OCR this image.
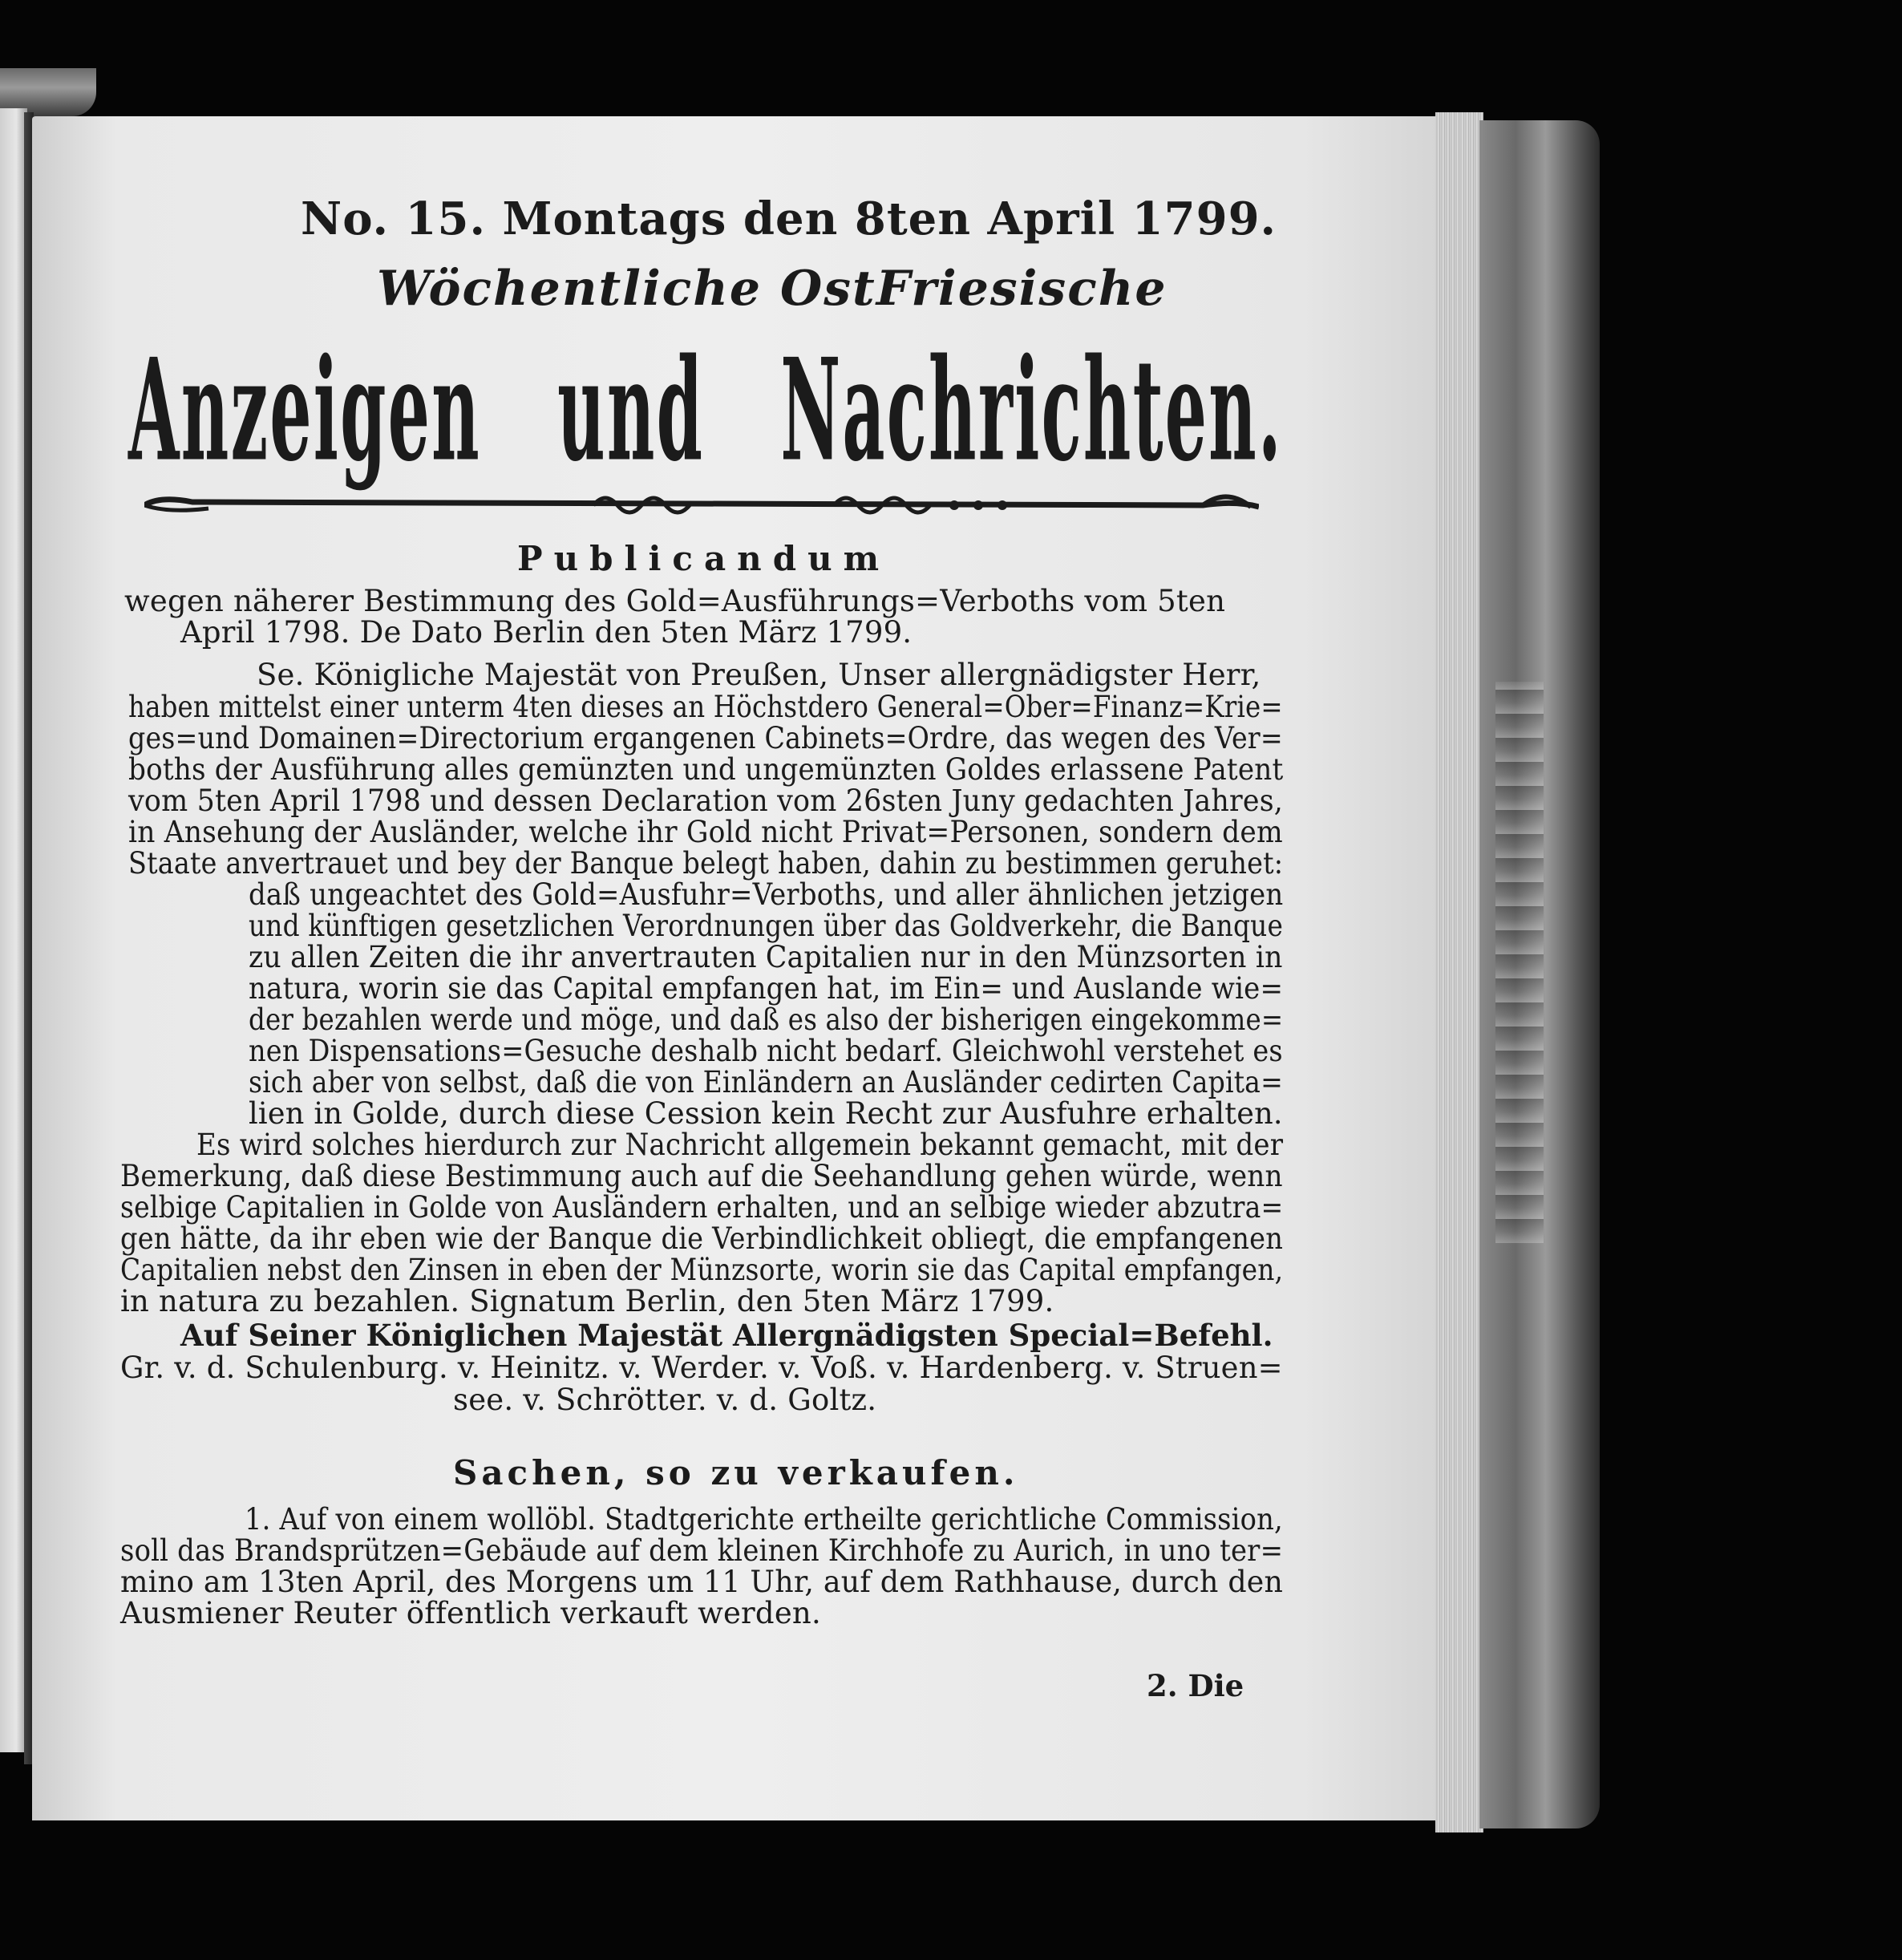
No. 15. Montags den 8ten April 1799.

Wöchentliche OstFriesische

Anzeigen und Nachrichten.

Publicandum

wegen näherer Bestimmung des Gold=Ausführungs=Verboths vom 5ten

April 1798. De Dato Berlin den 5ten März 1799.

Se. Königliche Majestät von Preußen, Unser allergnädigster Herr,

haben mittelst einer unterm 4ten dieses an Höchstdero General=Ober=Finanz=Krie=

ges=und Domainen=Directorium ergangenen Cabinets=Ordre, das wegen des Ver=

boths der Ausführung alles gemünzten und ungemünzten Goldes erlassene Patent

vom 5ten April 1798 und dessen Declaration vom 26sten Juny gedachten Jahres,

in Ansehung der Ausländer, welche ihr Gold nicht Privat=Personen, sondern dem

Staate anvertrauet und bey der Banque belegt haben, dahin zu bestimmen geruhet:

daß ungeachtet des Gold=Ausfuhr=Verboths, und aller ähnlichen jetzigen

und künftigen gesetzlichen Verordnungen über das Goldverkehr, die Banque

zu allen Zeiten die ihr anvertrauten Capitalien nur in den Münzsorten in

natura, worin sie das Capital empfangen hat, im Ein= und Auslande wie=

der bezahlen werde und möge, und daß es also der bisherigen eingekomme=

nen Dispensations=Gesuche deshalb nicht bedarf. Gleichwohl verstehet es

sich aber von selbst, daß die von Einländern an Ausländer cedirten Capita=

lien in Golde, durch diese Cession kein Recht zur Ausfuhre erhalten.

Es wird solches hierdurch zur Nachricht allgemein bekannt gemacht, mit der

Bemerkung, daß diese Bestimmung auch auf die Seehandlung gehen würde, wenn

selbige Capitalien in Golde von Ausländern erhalten, und an selbige wieder abzutra=

gen hätte, da ihr eben wie der Banque die Verbindlichkeit obliegt, die empfangenen

Capitalien nebst den Zinsen in eben der Münzsorte, worin sie das Capital empfangen,

in natura zu bezahlen. Signatum Berlin, den 5ten März 1799.

Auf Seiner Königlichen Majestät Allergnädigsten Special=Befehl.

Gr. v. d. Schulenburg. v. Heinitz. v. Werder. v. Voß. v. Hardenberg. v. Struen=

see. v. Schrötter. v. d. Goltz.

Sachen, so zu verkaufen.

1. Auf von einem wollöbl. Stadtgerichte ertheilte gerichtliche Commission,

soll das Brandsprützen=Gebäude auf dem kleinen Kirchhofe zu Aurich, in uno ter=

mino am 13ten April, des Morgens um 11 Uhr, auf dem Rathhause, durch den

Ausmiener Reuter öffentlich verkauft werden.

2. Die
